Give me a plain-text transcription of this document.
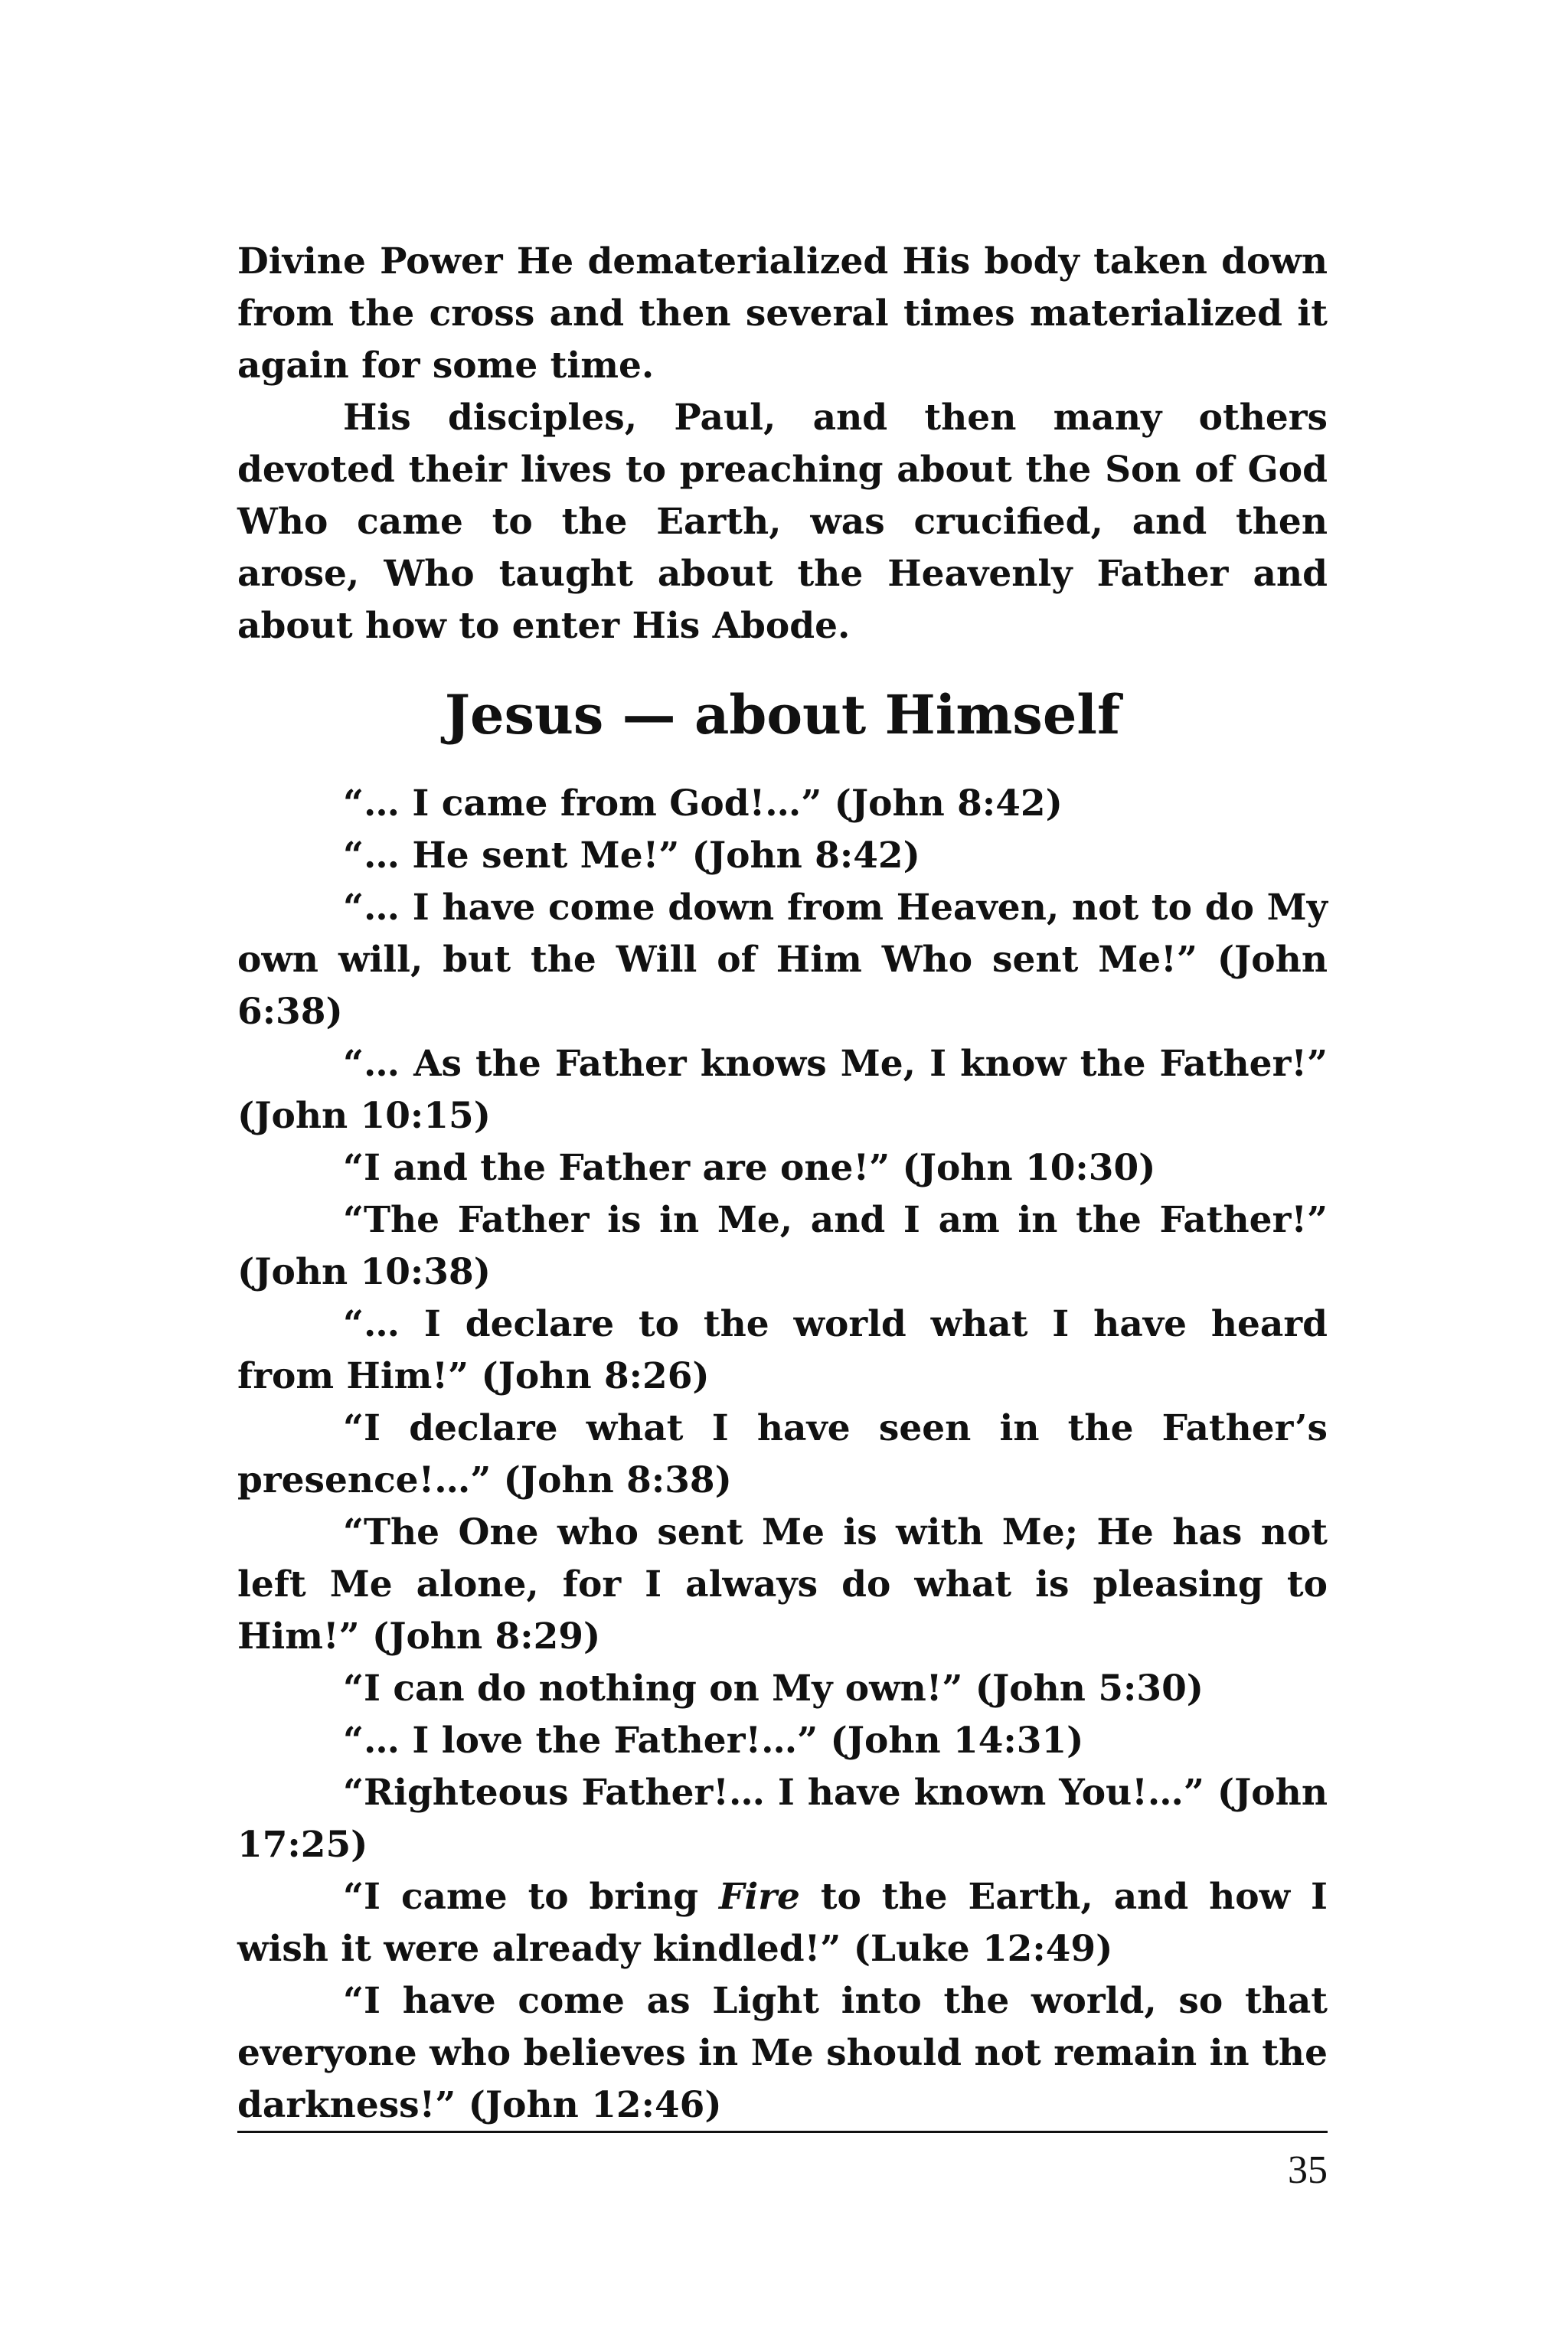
Divine Power He dematerialized His body taken down from the cross and then several times materialized it again for some time.

His disciples, Paul, and then many others devoted their lives to preaching about the Son of God Who came to the Earth, was crucified, and then arose, Who taught about the Heavenly Father and about how to enter His Abode.

Jesus — about Himself

“… I came from God!…” (John 8:42)

“… He sent Me!” (John 8:42)

“… I have come down from Heaven, not to do My own will, but the Will of Him Who sent Me!” (John 6:38)

“… As the Father knows Me, I know the Father!” (John 10:15)

“I and the Father are one!” (John 10:30)

“The Father is in Me, and I am in the Father!” (John 10:38)

“… I declare to the world what I have heard from Him!” (John 8:26)

“I declare what I have seen in the Father’s presence!…” (John 8:38)

“The One who sent Me is with Me; He has not left Me alone, for I always do what is pleasing to Him!” (John 8:29)

“I can do nothing on My own!” (John 5:30)

“… I love the Father!…” (John 14:31)

“Righteous Father!… I have known You!…” (John 17:25)

“I came to bring Fire to the Earth, and how I wish it were already kindled!” (Luke 12:49)

“I have come as Light into the world, so that everyone who believes in Me should not remain in the darkness!” (John 12:46)

35
